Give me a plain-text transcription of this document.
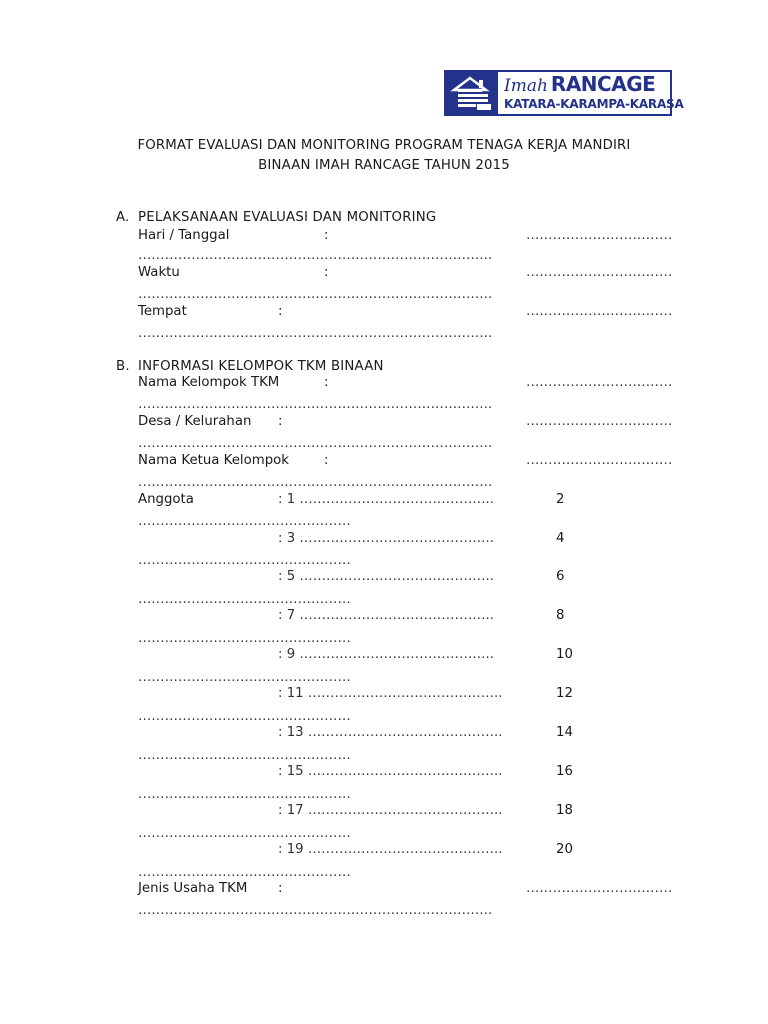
Imah RANCAGE
KATARA-KARAMPA-KARASA
FORMAT EVALUASI DAN MONITORING PROGRAM TENAGA KERJA MANDIRI
BINAAN IMAH RANCAGE TAHUN 2015
A. PELAKSANAAN EVALUASI DAN MONITORING
Hari / Tanggal	:	……………………………
……………………………………………………………………..
Waktu	:	……………………………
……………………………………………………………………..
Tempat	:	……………………………
……………………………………………………………………..
B. INFORMASI KELOMPOK TKM BINAAN
Nama Kelompok TKM	:	……………………………
……………………………………………………………………..
Desa / Kelurahan :	……………………………
……………………………………………………………………..
Nama Ketua Kelompok	:	……………………………
……………………………………………………………………..
Anggota	: 1 ……………………………………..	2
…………………………………………
: 3 ……………………………………..	4
…………………………………………
: 5 ……………………………………..	6
…………………………………………
: 7 ……………………………………..	8
…………………………………………
: 9 ……………………………………..	10
…………………………………………
: 11 ……………………………………..	12
…………………………………………
: 13 ……………………………………..	14
…………………………………………
: 15 ……………………………………..	16
…………………………………………
: 17 ……………………………………..	18
…………………………………………
: 19 ……………………………………..	20
…………………………………………
Jenis Usaha TKM :	……………………………
……………………………………………………………………..
